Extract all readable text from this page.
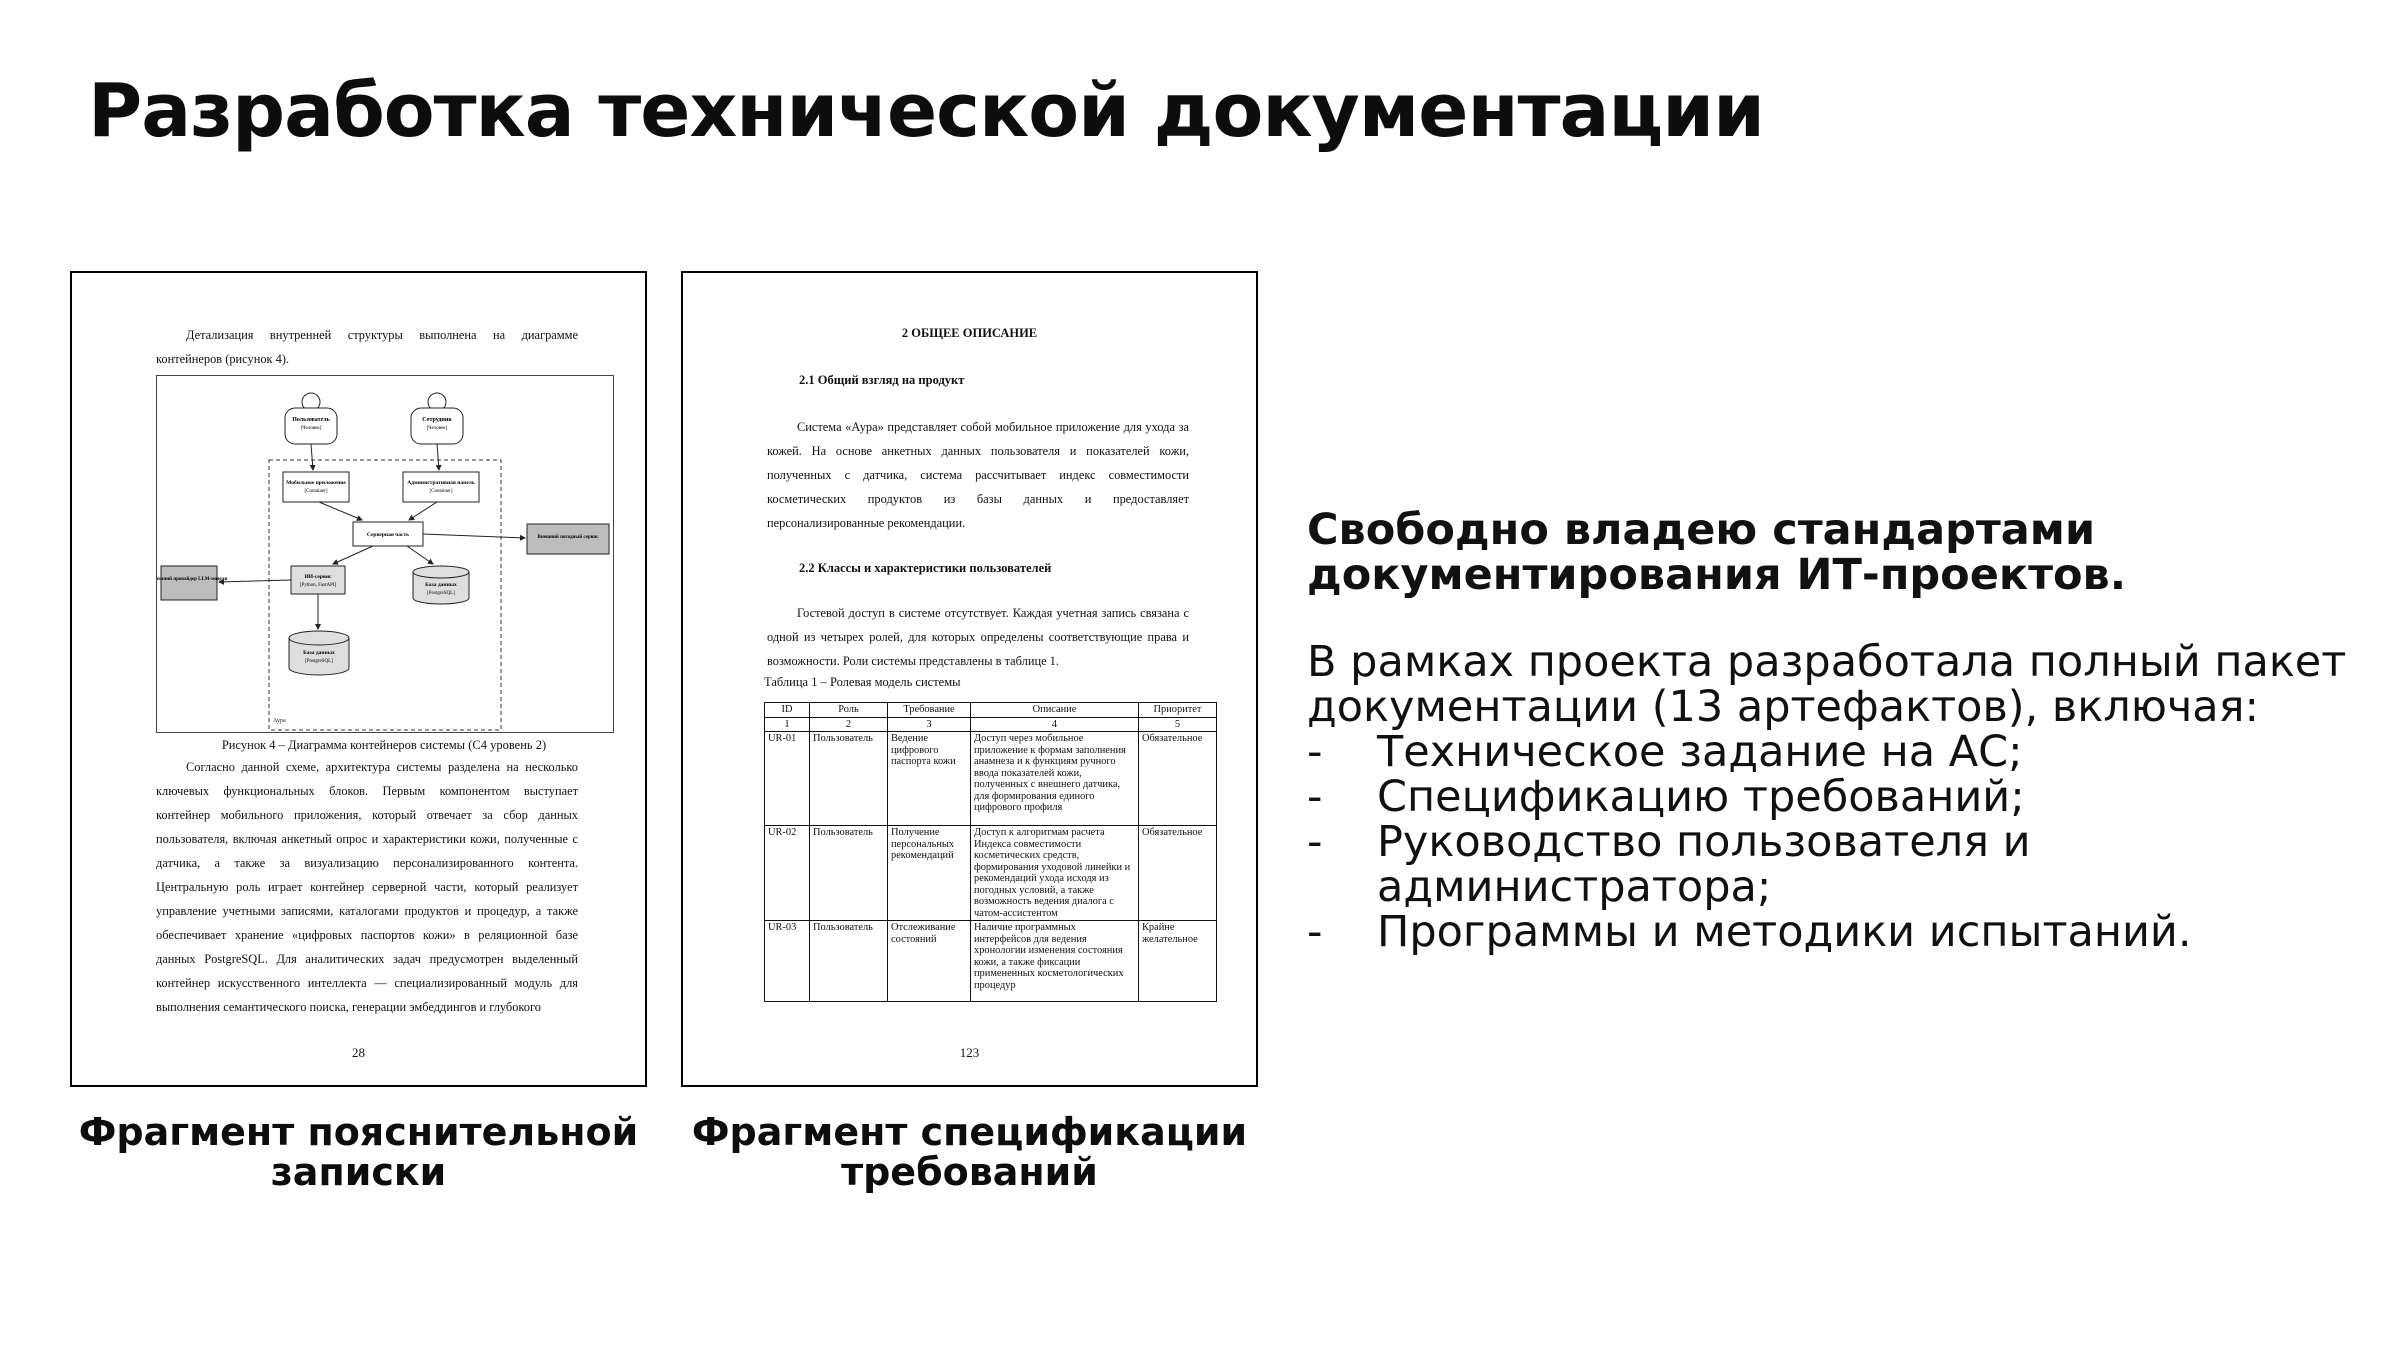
Разработка технической документации
Детализация внутренней структуры выполнена на диаграмме контейнеров (рисунок 4).
Аура
Пользователь
[Человек]
Сотрудник
[Человек]
Мобильное приложение
[Container]
Административная панель
[Container]
Серверная часть
ИИ-сервис
[Python, FastAPI]	База данных
[PostgreSQL]
База данных
[PostgreSQL]
Внешний провайдер LLM-модели
Внешний погодный сервис
Рисунок 4 – Диаграмма контейнеров системы (С4 уровень 2)
Согласно данной схеме, архитектура системы разделена на несколько ключевых функциональных блоков. Первым компонентом выступает контейнер мобильного приложения, который отвечает за сбор данных пользователя, включая анкетный опрос и характеристики кожи, полученные с датчика, а также за визуализацию персонализированного контента. Центральную роль играет контейнер серверной части, который реализует управление учетными записями, каталогами продуктов и процедур, а также обеспечивает хранение «цифровых паспортов кожи» в реляционной базе данных PostgreSQL. Для аналитических задач предусмотрен выделенный контейнер искусственного интеллекта — специализированный модуль для выполнения семантического поиска, генерации эмбеддингов и глубокого
28
2 ОБЩЕЕ ОПИСАНИЕ
2.1 Общий взгляд на продукт
Система «Аура» представляет собой мобильное приложение для ухода за кожей. На основе анкетных данных пользователя и показателей кожи, полученных с датчика, система рассчитывает индекс совместимости косметических продуктов из базы данных и предоставляет персонализированные рекомендации.
2.2 Классы и характеристики пользователей
Гостевой доступ в системе отсутствует. Каждая учетная запись связана с одной из четырех ролей, для которых определены соответствующие права и возможности. Роли системы представлены в таблице 1.
Таблица 1 – Ролевая модель системы
ID	Роль	Требование	Описание	Приоритет
1	2	3	4	5
UR-01	Пользователь	Ведение цифрового паспорта кожи	Доступ через мобильное приложение к формам заполнения анамнеза и к функциям ручного ввода показателей кожи, полученных с внешнего датчика, для формирования единого цифрового профиля	Обязательное
UR-02	Пользователь	Получение персональных рекомендаций	Доступ к алгоритмам расчета Индекса совместимости косметических средств, формирования уходовой линейки и рекомендаций ухода исходя из погодных условий, а также возможность ведения диалога с чатом-ассистентом	Обязательное
UR-03	Пользователь	Отслеживание состояний	Наличие программных интерфейсов для ведения хронологии изменения состояния кожи, а также фиксации примененных косметологических процедур	Крайне желательное
123
Фрагмент пояснительной записки
Фрагмент спецификации требований

Свободно владею стандартами документирования ИТ-проектов.

В рамках проекта разработала полный пакет документации (13 артефактов), включая:

- Техническое задание на АС;
- Спецификацию требований;
- Руководство пользователя и администратора;
- Программы и методики испытаний.
